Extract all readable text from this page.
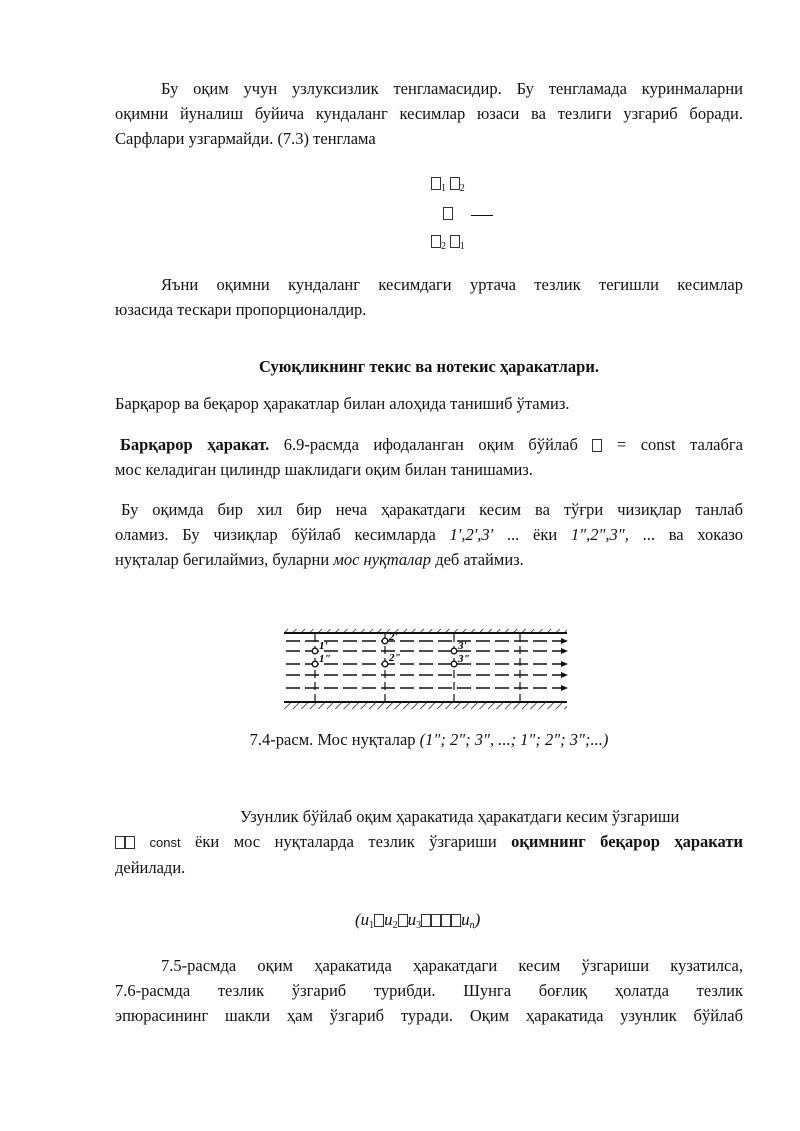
Бу оқим учун узлуксизлик тенгламасидир. Бу тенгламада куринмаларни
оқимни йуналиш буйича кундаланг кесимлар юзаси ва тезлиги узгариб боради.
Сарфлари узгармайди. (7.3) тенглама
$_1$ $_2$

$_2$ $_1$
Яъни оқимни кундаланг кесимдаги уртача тезлик тегишли кесимлар
юзасида тескари пропорционалдир.
Суюқликнинг текис ва нотекис ҳаракатлари.
Барқарор ва беқарор ҳаракатлар билан алоҳида танишиб ўтамиз.
Барқарор ҳаракат. 6.9-расмда ифодаланган оқим бўйлаб  = const талабга
мос келадиган цилиндр шаклидаги оқим билан танишамиз.
Бу оқимда бир хил бир неча ҳаракатдаги кесим ва тўғри чизиқлар танлаб
оламиз. Бу чизиқлар бўйлаб кесимларда 1',2',3' ... ёки 1",2",3", ... ва хоказо
нуқталар бегилаймиз, буларни мос нуқталар деб атаймиз.
1'
2'
3'
1"	2"	3"
7.4-расм. Мос нуқталар (1"; 2"; 3", ...; 1"; 2"; 3";...)
Узунлик бўйлаб оқим ҳаракатида ҳаракатдаги кесим ўзгариши
const ёки мос нуқталарда тезлик ўзгариши оқимнинг беқарор ҳаракати
дейилади.
($u_1$ $u_2$ $u_3$ $u_n$)
7.5-расмда оқим ҳаракатида ҳаракатдаги кесим ўзгариши кузатилса,
7.6-расмда тезлик ўзгариб турибди. Шунга боғлиқ ҳолатда тезлик
эпюрасининг шакли ҳам ўзгариб туради. Оқим ҳаракатида узунлик бўйлаб
